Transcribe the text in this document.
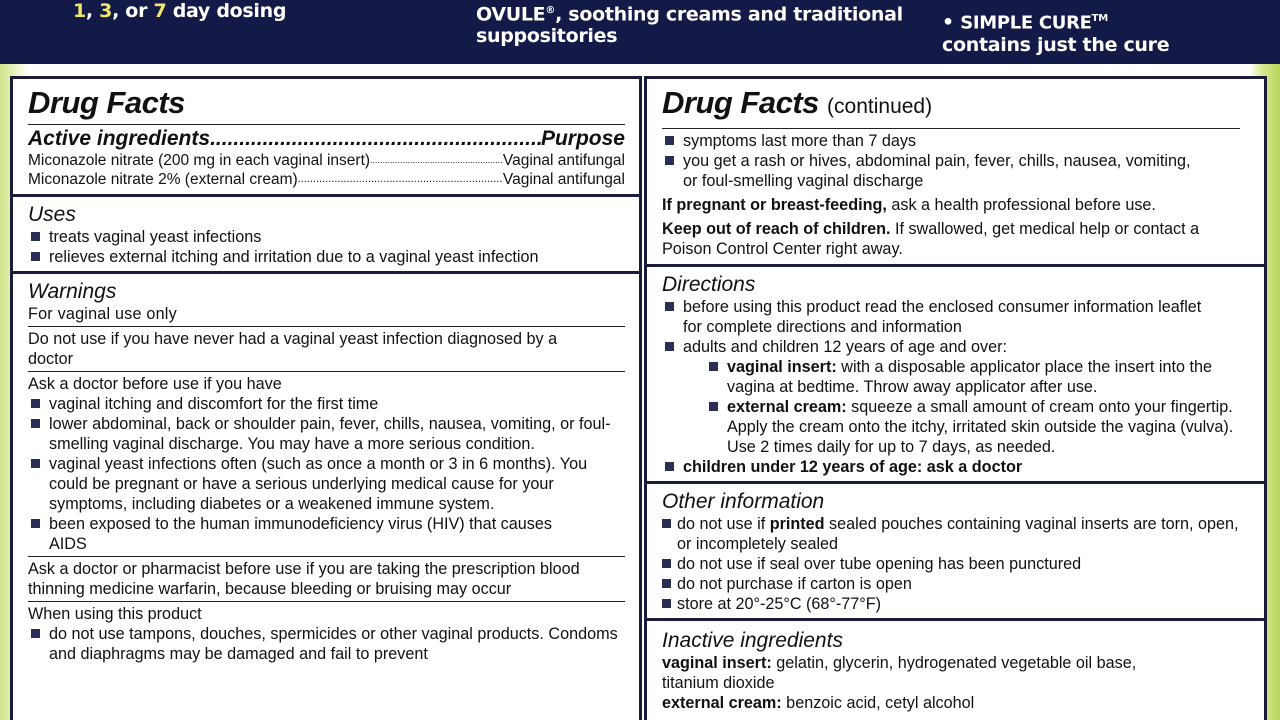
1, 3, or 7 day dosing	OVULE®, soothing creams and traditional
suppositories
• SIMPLE CURE™
contains just the cure
Drug Facts
Active ingredients .....	Purpose
Miconazole nitrate (200 mg in each vaginal insert) .....	Vaginal antifungal
Miconazole nitrate 2% (external cream) .....	Vaginal antifungal
Uses
treats vaginal yeast infections
relieves external itching and irritation due to a vaginal yeast infection
Warnings
For vaginal use only
Do not use if you have never had a vaginal yeast infection diagnosed by a doctor
Ask a doctor before use if you have
vaginal itching and discomfort for the first time
lower abdominal, back or shoulder pain, fever, chills, nausea, vomiting, or foul-smelling vaginal discharge. You may have a more serious condition.
vaginal yeast infections often (such as once a month or 3 in 6 months). You could be pregnant or have a serious underlying medical cause for your symptoms, including diabetes or a weakened immune system.
been exposed to the human immunodeficiency virus (HIV) that causes AIDS
Ask a doctor or pharmacist before use if you are taking the prescription blood thinning medicine warfarin, because bleeding or bruising may occur
When using this product
do not use tampons, douches, spermicides or other vaginal products. Condoms and diaphragms may be damaged and fail to prevent
Drug Facts (continued)
symptoms last more than 7 days
you get a rash or hives, abdominal pain, fever, chills, nausea, vomiting, or foul-smelling vaginal discharge
If pregnant or breast-feeding, ask a health professional before use.
Keep out of reach of children. If swallowed, get medical help or contact a Poison Control Center right away.
Directions
before using this product read the enclosed consumer information leaflet for complete directions and information
adults and children 12 years of age and over:
vaginal insert: with a disposable applicator place the insert into the vagina at bedtime. Throw away applicator after use.
external cream: squeeze a small amount of cream onto your fingertip. Apply the cream onto the itchy, irritated skin outside the vagina (vulva). Use 2 times daily for up to 7 days, as needed.
children under 12 years of age: ask a doctor
Other information
do not use if printed sealed pouches containing vaginal inserts are torn, open, or incompletely sealed
do not use if seal over tube opening has been punctured
do not purchase if carton is open
store at 20°-25°C (68°-77°F)
Inactive ingredients
vaginal insert: gelatin, glycerin, hydrogenated vegetable oil base, titanium dioxide
external cream: benzoic acid, cetyl alcohol
